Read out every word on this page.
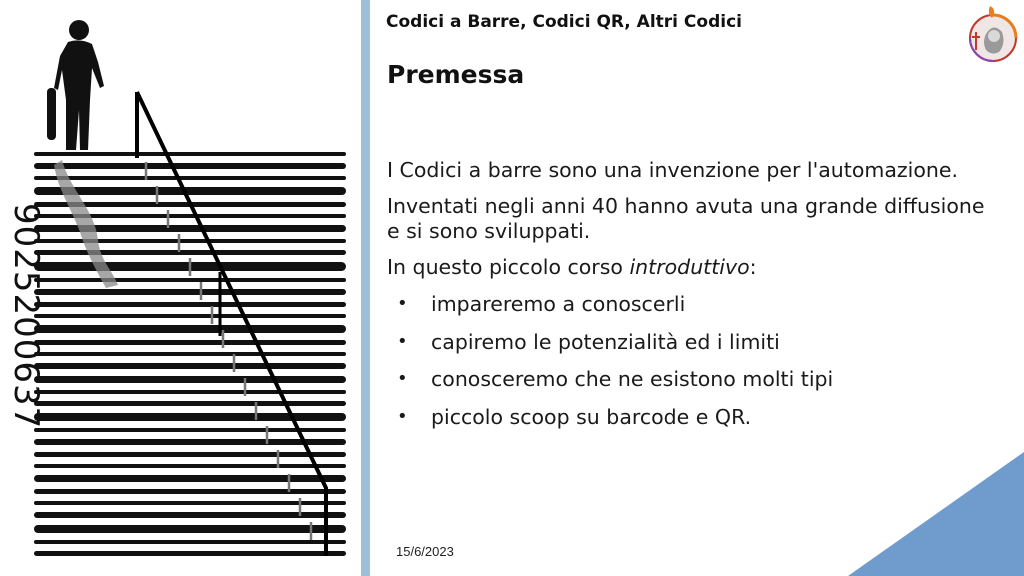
9025200637
Codici a Barre, Codici QR, Altri Codici
Premessa

I Codici a barre sono una invenzione per l'automazione.

Inventati negli anni 40 hanno avuta una grande diffusione e si sono sviluppati.

In questo piccolo corso introduttivo:

• impareremo a conoscerli
• capiremo le potenzialità ed i limiti
• conosceremo che ne esistono molti tipi
• piccolo scoop su barcode e QR.
15/6/2023
